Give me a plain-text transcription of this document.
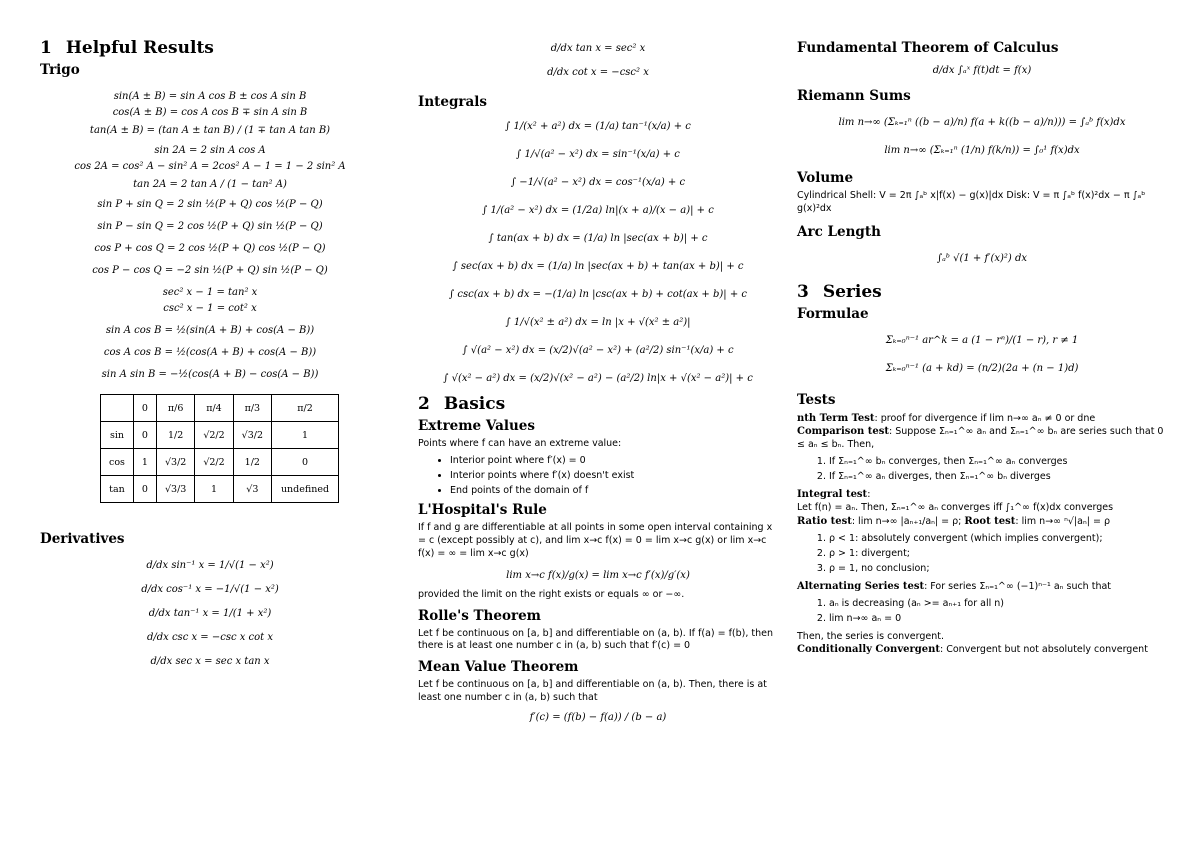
1 Helpful Results
Trigo
sin(A ± B) = sin A cos B ± cos A sin B
cos(A ± B) = cos A cos B ∓ sin A sin B
tan(A ± B) = (tan A ± tan B) / (1 ∓ tan A tan B)
sin 2A = 2 sin A cos A
cos 2A = cos² A − sin² A = 2cos² A − 1 = 1 − 2 sin² A
tan 2A = 2 tan A / (1 − tan² A)
sin P + sin Q = 2 sin ½(P + Q) cos ½(P − Q)
sin P − sin Q = 2 cos ½(P + Q) sin ½(P − Q)
cos P + cos Q = 2 cos ½(P + Q) cos ½(P − Q)
cos P − cos Q = −2 sin ½(P + Q) sin ½(P − Q)
sec² x − 1 = tan² x
csc² x − 1 = cot² x
sin A cos B = ½(sin(A + B) + cos(A − B))
cos A cos B = ½(cos(A + B) + cos(A − B))
sin A sin B = −½(cos(A + B) − cos(A − B))
	0	π/6	π/4	π/3	π/2
sin	0	1/2	√2/2	√3/2	1
cos	1	√3/2	√2/2	1/2	0
tan	0	√3/3	1	√3	undefined
Derivatives
d/dx sin⁻¹ x = 1/√(1 − x²)
d/dx cos⁻¹ x = −1/√(1 − x²)
d/dx tan⁻¹ x = 1/(1 + x²)
d/dx csc x = −csc x cot x
d/dx sec x = sec x tan x
d/dx tan x = sec² x
d/dx cot x = −csc² x
Integrals
∫ 1/(x² + a²) dx = (1/a) tan⁻¹(x/a) + c
∫ 1/√(a² − x²) dx = sin⁻¹(x/a) + c
∫ −1/√(a² − x²) dx = cos⁻¹(x/a) + c
∫ 1/(a² − x²) dx = (1/2a) ln|(x + a)/(x − a)| + c
∫ tan(ax + b) dx = (1/a) ln |sec(ax + b)| + c
∫ sec(ax + b) dx = (1/a) ln |sec(ax + b) + tan(ax + b)| + c
∫ csc(ax + b) dx = −(1/a) ln |csc(ax + b) + cot(ax + b)| + c
∫ 1/√(x² ± a²) dx = ln |x + √(x² ± a²)|
∫ √(a² − x²) dx = (x/2)√(a² − x²) + (a²/2) sin⁻¹(x/a) + c
∫ √(x² − a²) dx = (x/2)√(x² − a²) − (a²/2) ln|x + √(x² − a²)| + c
2 Basics
Extreme Values

Points where f can have an extreme value:

• Interior point where f′(x) = 0
• Interior points where f′(x) doesn't exist
• End points of the domain of f
L'Hospital's Rule

If f and g are differentiable at all points in some open interval containing x = c (except possibly at c), and lim x→c f(x) = 0 = lim x→c g(x) or lim x→c f(x) = ∞ = lim x→c g(x)

lim x→c f(x)/g(x) = lim x→c f′(x)/g′(x)

provided the limit on the right exists or equals ∞ or −∞.

Rolle's Theorem

Let f be continuous on [a, b] and differentiable on (a, b). If f(a) = f(b), then there is at least one number c in (a, b) such that f′(c) = 0

Mean Value Theorem

Let f be continuous on [a, b] and differentiable on (a, b). Then, there is at least one number c in (a, b) such that

f′(c) = (f(b) − f(a)) / (b − a)
Fundamental Theorem of Calculus
d/dx ∫ₐˣ f(t)dt = f(x)
Riemann Sums
lim n→∞ (Σₖ₌₁ⁿ ((b − a)/n) f(a + k((b − a)/n))) = ∫ₐᵇ f(x)dx
lim n→∞ (Σₖ₌₁ⁿ (1/n) f(k/n)) = ∫₀¹ f(x)dx
Volume

Cylindrical Shell: V = 2π ∫ₐᵇ x|f(x) − g(x)|dx Disk: V = π ∫ₐᵇ f(x)²dx − π ∫ₐᵇ g(x)²dx

Arc Length
∫ₐᵇ √(1 + f′(x)²) dx
3 Series
Formulae
Σₖ₌₀ⁿ⁻¹ ar^k = a (1 − rⁿ)/(1 − r), r ≠ 1
Σₖ₌₀ⁿ⁻¹ (a + kd) = (n/2)(2a + (n − 1)d)
Tests

nth Term Test: proof for divergence if lim n→∞ aₙ ≠ 0 or dne

Comparison test: Suppose Σₙ₌₁^∞ aₙ and Σₙ₌₁^∞ bₙ are series such that 0 ≤ aₙ ≤ bₙ. Then,

1. If Σₙ₌₁^∞ bₙ converges, then Σₙ₌₁^∞ aₙ converges
2. If Σₙ₌₁^∞ aₙ diverges, then Σₙ₌₁^∞ bₙ diverges

Integral test:

Let f(n) = aₙ. Then, Σₙ₌₁^∞ aₙ converges iff ∫₁^∞ f(x)dx converges

Ratio test: lim n→∞ |aₙ₊₁/aₙ| = ρ; Root test: lim n→∞ ⁿ√|aₙ| = ρ

1. ρ < 1: absolutely convergent (which implies convergent);
2. ρ > 1: divergent;
3. ρ = 1, no conclusion;

Alternating Series test: For series Σₙ₌₁^∞ (−1)ⁿ⁻¹ aₙ such that

1. aₙ is decreasing (aₙ >= aₙ₊₁ for all n)
2. lim n→∞ aₙ = 0

Then, the series is convergent.

Conditionally Convergent: Convergent but not absolutely convergent
